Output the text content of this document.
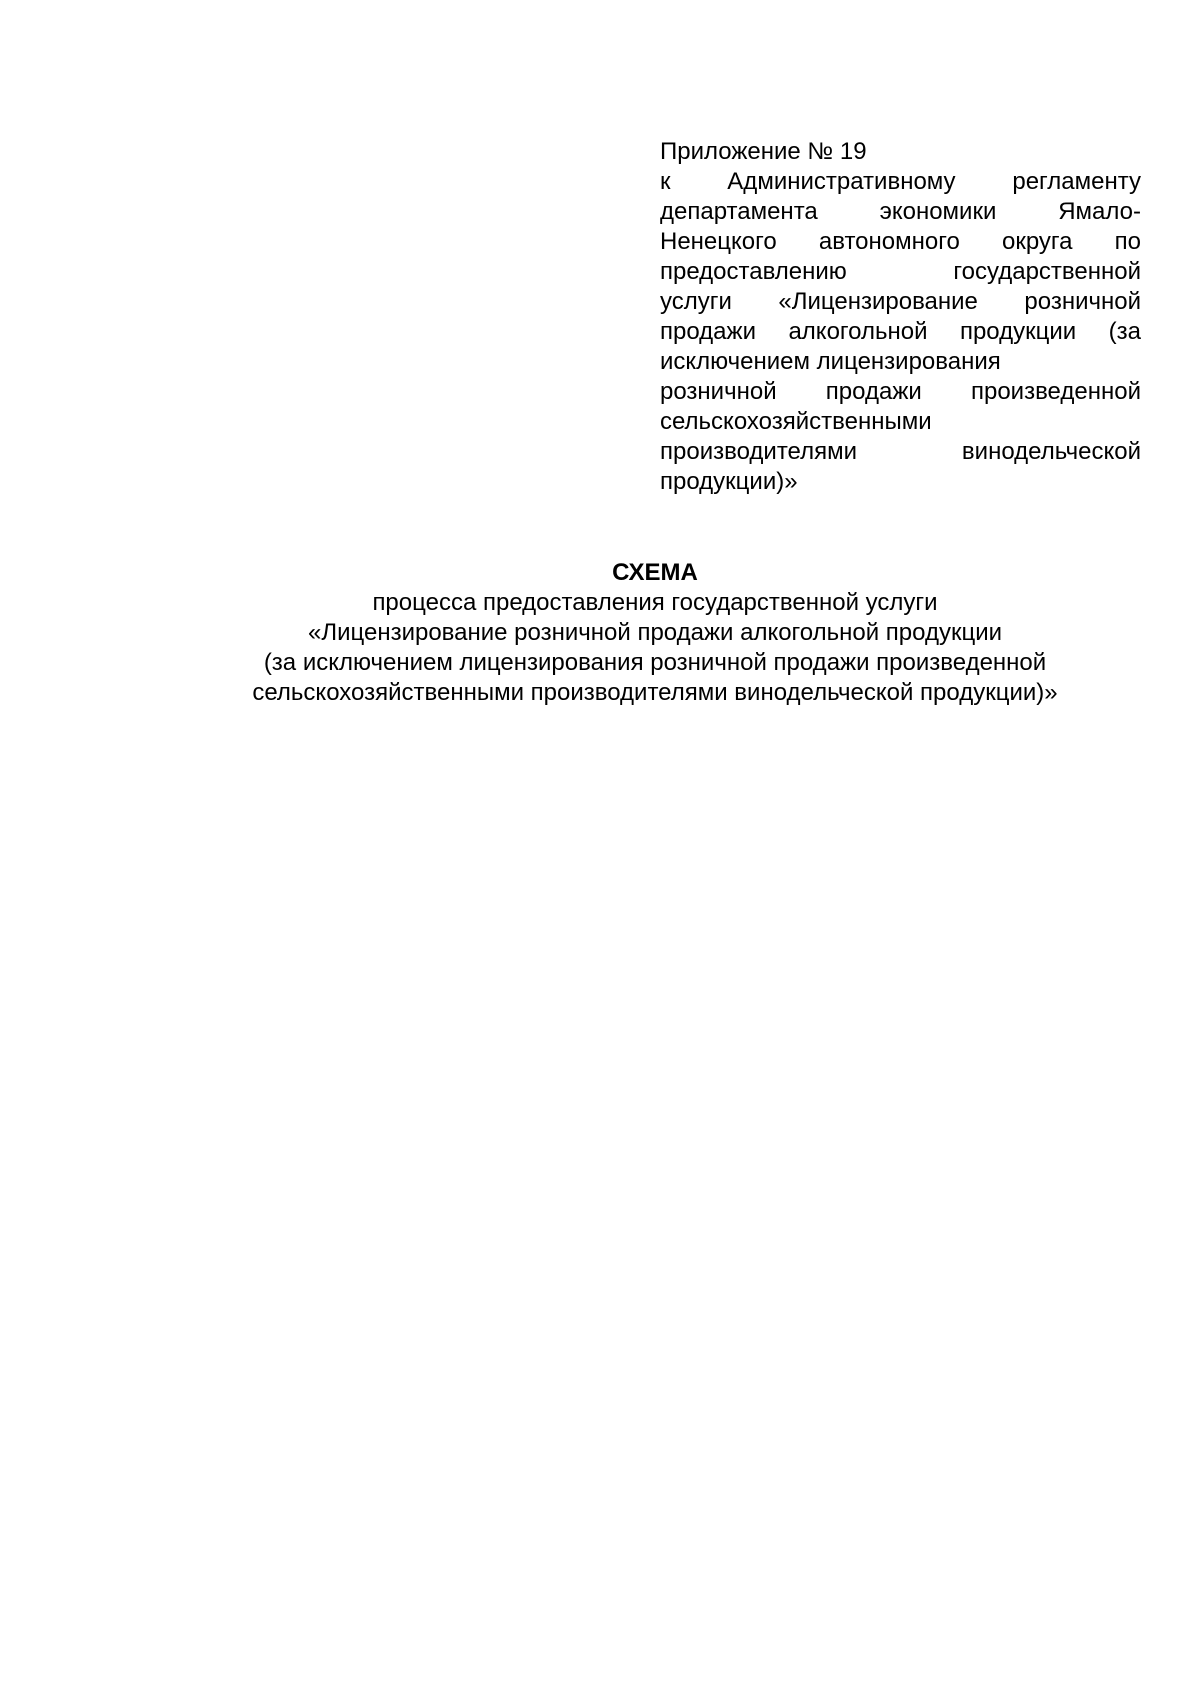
Приложение № 19
к Административному регламенту
департамента экономики Ямало-
Ненецкого автономного округа по
предоставлению государственной
услуги «Лицензирование розничной
продажи алкогольной продукции (за
исключением лицензирования
розничной продажи произведенной
сельскохозяйственными
производителями винодельческой
продукции)»
СХЕМА
процесса предоставления государственной услуги
«Лицензирование розничной продажи алкогольной продукции
(за исключением лицензирования розничной продажи произведенной
сельскохозяйственными производителями винодельческой продукции)»
